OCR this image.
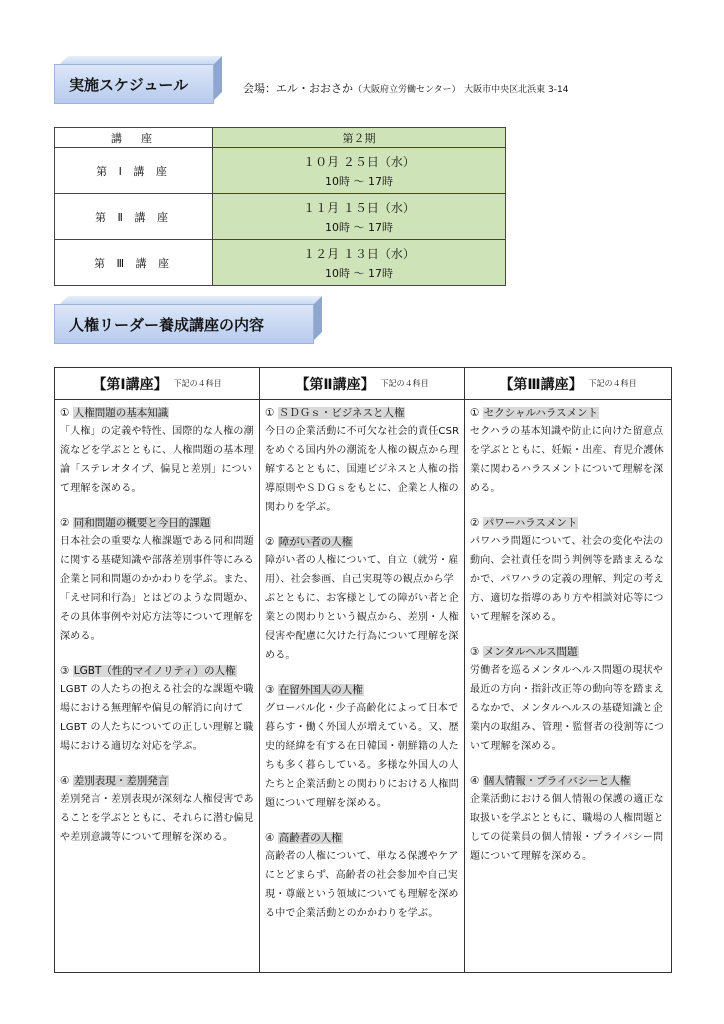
実施スケジュール	会場：エル・おおさか（大阪府立労働センター） 大阪市中央区北浜東 3-14
講　座	第２期
第 Ⅰ 講 座	１０月 ２５日（水）
10時 ～ 17時

第 Ⅱ 講 座	１１月 １５日（水）
10時 ～ 17時

第 Ⅲ 講 座	１２月 １３日（水）
10時 ～ 17時
人権リーダー養成講座の内容
【第Ⅰ講座】 下記の４科目
① 人権問題の基本知識
「人権」の定義や特性、国際的な人権の潮流などを学ぶとともに、人権問題の基本理論「ステレオタイプ、偏見と差別」について理解を深める。
② 同和問題の概要と今日的課題
日本社会の重要な人権課題である同和問題に関する基礎知識や部落差別事件等にみる企業と同和問題のかかわりを学ぶ。また、「えせ同和行為」とはどのような問題か、その具体事例や対応方法等について理解を深める。
③ LGBT（性的マイノリティ）の人権
LGBT の人たちの抱える社会的な課題や職場における無理解や偏見の解消に向けて LGBT の人たちについての正しい理解と職場における適切な対応を学ぶ。
④ 差別表現・差別発言
差別発言・差別表現が深刻な人権侵害であることを学ぶとともに、それらに潜む偏見や差別意識等について理解を深める。
【第Ⅱ講座】 下記の４科目
① ＳＤＧｓ・ビジネスと人権
今日の企業活動に不可欠な社会的責任CSRをめぐる国内外の潮流を人権の観点から理解するとともに、国連ビジネスと人権の指導原則やＳＤＧｓをもとに、企業と人権の関わりを学ぶ。
② 障がい者の人権
障がい者の人権について、自立（就労・雇用）、社会参画、自己実現等の観点から学ぶとともに、お客様としての障がい者と企業との関わりという観点から、差別・人権侵害や配慮に欠けた行為について理解を深める。
③ 在留外国人の人権
グローバル化・少子高齢化によって日本で暮らす・働く外国人が増えている。又、歴史的経緯を有する在日韓国・朝鮮籍の人たちも多く暮らしている。多様な外国人の人たちと企業活動との関わりにおける人権問題について理解を深める。
④ 高齢者の人権
高齢者の人権について、単なる保護やケアにとどまらず、高齢者の社会参加や自己実現・尊厳という領域についても理解を深める中で企業活動とのかかわりを学ぶ。
【第Ⅲ講座】 下記の４科目
① セクシャルハラスメント
セクハラの基本知識や防止に向けた留意点を学ぶとともに、妊娠・出産、育児介護休業に関わるハラスメントについて理解を深める。
② パワーハラスメント
パワハラ問題について、社会の変化や法の動向、会社責任を問う判例等を踏まえるなかで、パワハラの定義の理解、判定の考え方、適切な指導のあり方や相談対応等について理解を深める。
③ メンタルヘルス問題
労働者を巡るメンタルヘルス問題の現状や最近の方向・指針改正等の動向等を踏まえるなかで、メンタルヘルスの基礎知識と企業内の取組み、管理・監督者の役割等について理解を深める。
④ 個人情報・プライバシーと人権
企業活動における個人情報の保護の適正な取扱いを学ぶとともに、職場の人権問題としての従業員の個人情報・プライバシー問題について理解を深める。
